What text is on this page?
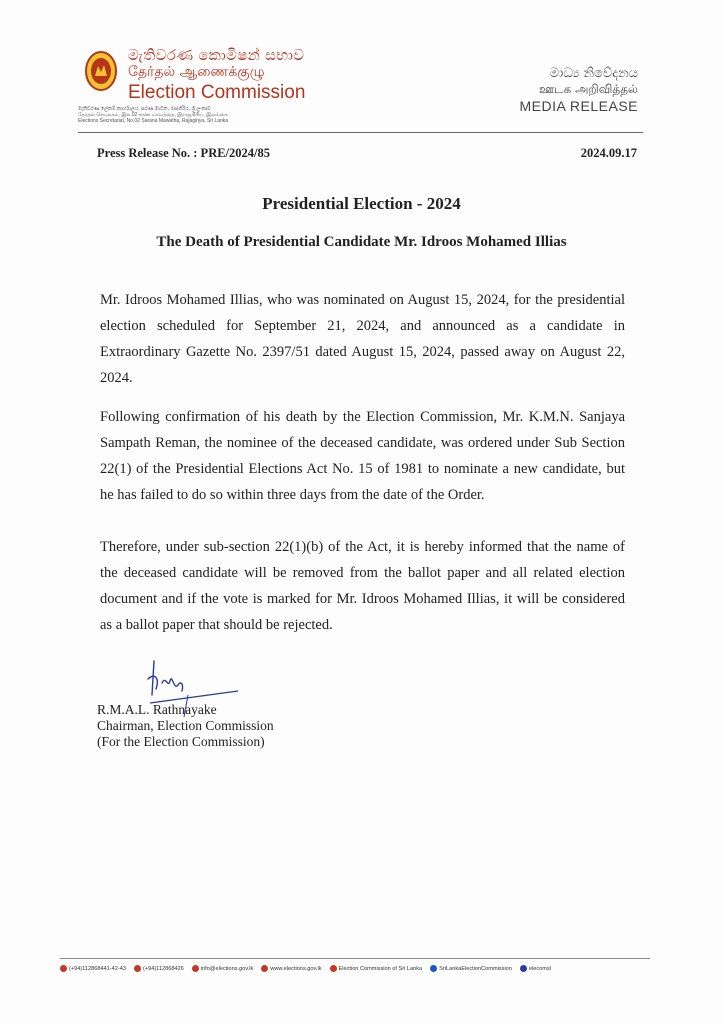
මැතිවරණ කොමිෂන් සභාව
தேர்தல் ஆணைக்குழு
Election Commission
මැතිවරණ ලේකම් කාර්යාලය, සරණ මාවත, රාජගිරිය, ශ්‍රී ලංකාව
தேர்தல் செயலகம், இல.02 சரண மாவத்தை, இராஜகிரிய, இலங்கை
Elections Secretariat, No.02 Sarana Mawatha, Rajagiriya, Sri Lanka
මාධ්‍ය නිවේදනය
ஊடக அறிவித்தல்
MEDIA RELEASE
Press Release No. : PRE/2024/85	2024.09.17
Presidential Election - 2024
The Death of Presidential Candidate Mr. Idroos Mohamed Illias
Mr. Idroos Mohamed Illias, who was nominated on August 15, 2024, for the presidential election scheduled for September 21, 2024, and announced as a candidate in Extraordinary Gazette No. 2397/51 dated August 15, 2024, passed away on August 22, 2024.
Following confirmation of his death by the Election Commission, Mr. K.M.N. Sanjaya Sampath Reman, the nominee of the deceased candidate, was ordered under Sub Section 22(1) of the Presidential Elections Act No. 15 of 1981 to nominate a new candidate, but he has failed to do so within three days from the date of the Order.
Therefore, under sub-section 22(1)(b) of the Act, it is hereby informed that the name of the deceased candidate will be removed from the ballot paper and all related election document and if the vote is marked for Mr. Idroos Mohamed Illias, it will be considered as a ballot paper that should be rejected.
R.M.A.L. Rathnayake
Chairman, Election Commission
(For the Election Commission)
(+94)112868441-42-43	(+94)112868426	info@elections.gov.lk	www.elections.gov.lk	Election Commission of Sri Lanka	SriLankaElectionCommission	elecomsl
